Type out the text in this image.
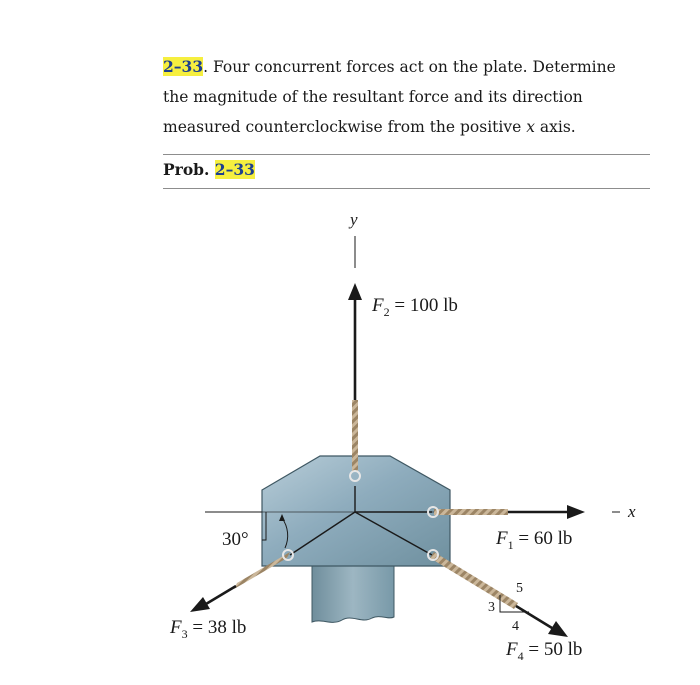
2–33. Four concurrent forces act on the plate. Determine the magnitude of the resultant force and its direction measured counterclockwise from the positive x axis.

Prob. 2–33
x
y
$F_2 = 100$ lb
$F_1 = 60$ lb
$F_3 = 38$ lb
30°
3
4
5
$F_4 = 50$ lb
